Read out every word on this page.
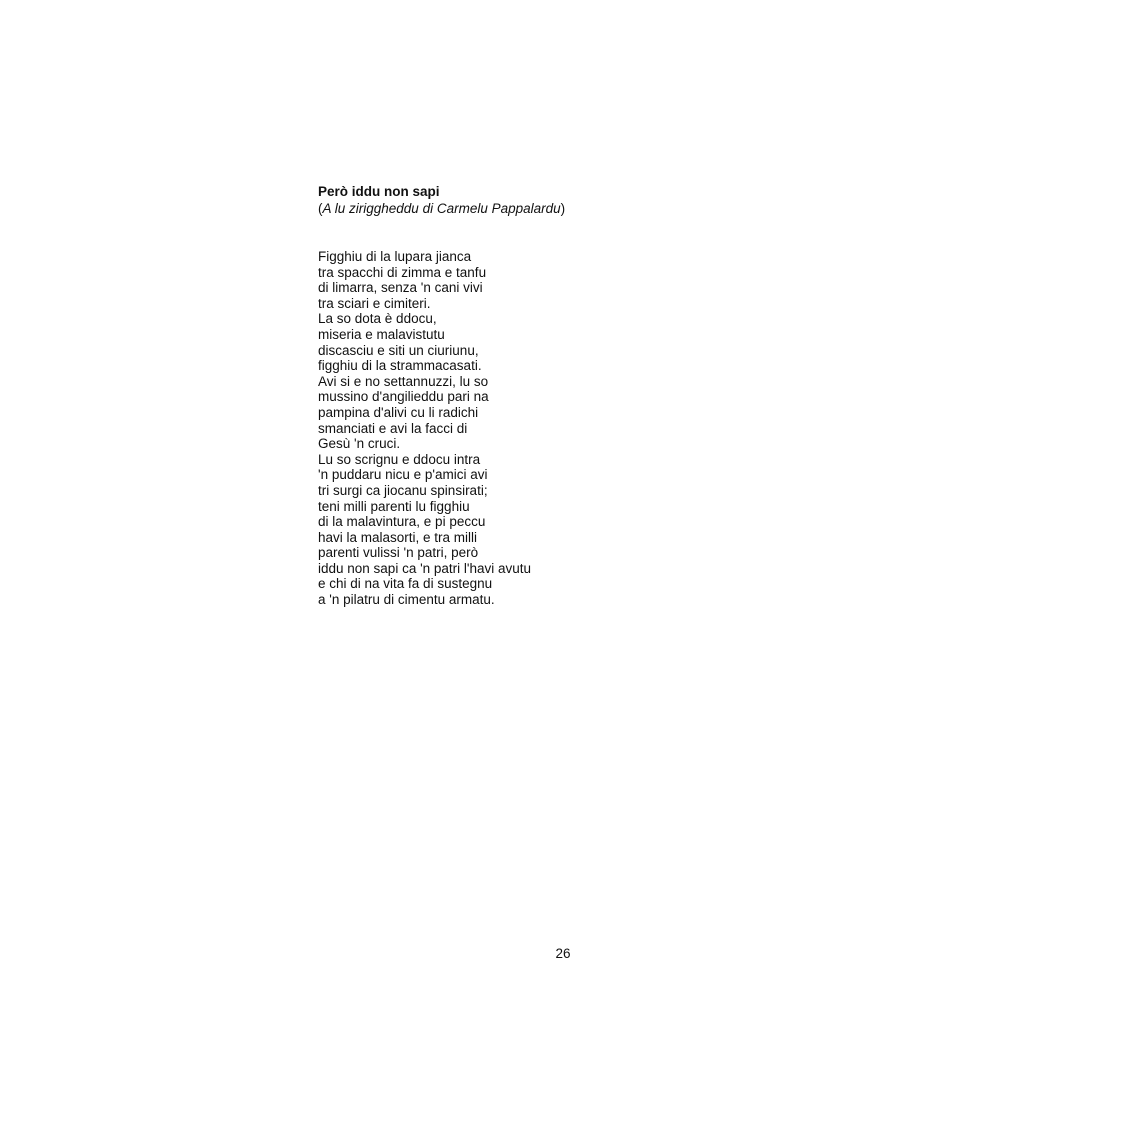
Però iddu non sapi

(A lu ziriggheddu di Carmelu Pappalardu)

Figghiu di la lupara jianca
tra spacchi di zimma e tanfu
di limarra, senza 'n cani vivi
tra sciari e cimiteri.
La so dota è ddocu,
miseria e malavistutu
discasciu e siti un ciuriunu,
figghiu di la strammacasati.
Avi si e no settannuzzi, lu so
mussino d'angilieddu pari na
pampina d'alivi cu li radichi
smanciati e avi la facci di
Gesù 'n cruci.
Lu so scrignu e ddocu intra
'n puddaru nicu e p'amici avi
tri surgi ca jiocanu spinsirati;
teni milli parenti lu figghiu
di la malavintura, e pi peccu
havi la malasorti, e tra milli
parenti vulissi 'n patri, però
iddu non sapi ca 'n patri l'havi avutu
e chi di na vita fa di sustegnu
a 'n pilatru di cimentu armatu.
26
